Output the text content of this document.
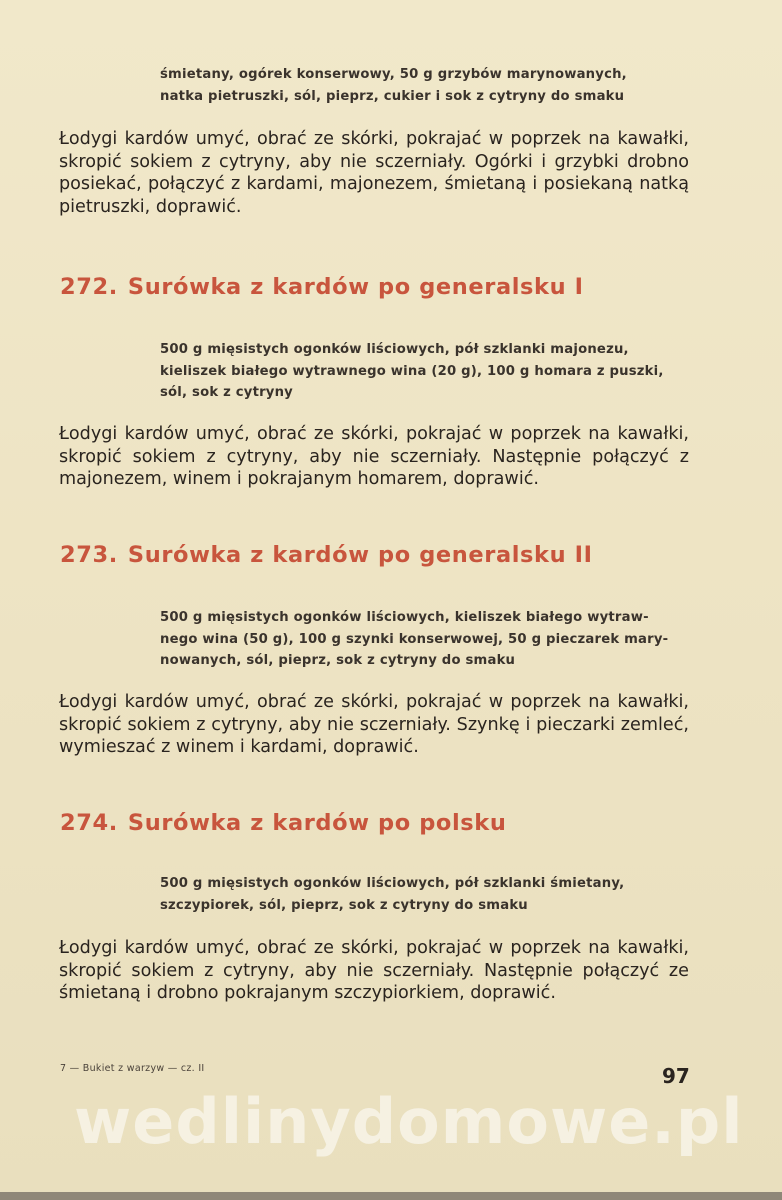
śmietany, ogórek konserwowy, 50 g grzybów marynowanych,
natka pietruszki, sól, pieprz, cukier i sok z cytryny do smaku
Łodygi kardów umyć, obrać ze skórki, pokrajać w poprzek na kawałki, skropić sokiem z cytryny, aby nie sczerniały. Ogórki i grzybki drobno posiekać, połączyć z kardami, majonezem, śmietaną i posiekaną natką pietruszki, doprawić.
272. Surówka z kardów po generalsku I
500 g mięsistych ogonków liściowych, pół szklanki majonezu,
kieliszek białego wytrawnego wina (20 g), 100 g homara z puszki,
sól, sok z cytryny
Łodygi kardów umyć, obrać ze skórki, pokrajać w poprzek na kawałki, skropić sokiem z cytryny, aby nie sczerniały. Następnie połączyć z majonezem, winem i pokrajanym homarem, doprawić.
273. Surówka z kardów po generalsku II
500 g mięsistych ogonków liściowych, kieliszek białego wytraw-
nego wina (50 g), 100 g szynki konserwowej, 50 g pieczarek mary-
nowanych, sól, pieprz, sok z cytryny do smaku
Łodygi kardów umyć, obrać ze skórki, pokrajać w poprzek na kawałki, skropić sokiem z cytryny, aby nie sczerniały. Szynkę i pieczarki zemleć, wymieszać z winem i kardami, doprawić.
274. Surówka z kardów po polsku
500 g mięsistych ogonków liściowych, pół szklanki śmietany,
szczypiorek, sól, pieprz, sok z cytryny do smaku
Łodygi kardów umyć, obrać ze skórki, pokrajać w poprzek na kawałki, skropić sokiem z cytryny, aby nie sczerniały. Następnie połączyć ze śmietaną i drobno pokrajanym szczypiorkiem, doprawić.
7 — Bukiet z warzyw — cz. II	97
wedlinydomowe.pl
